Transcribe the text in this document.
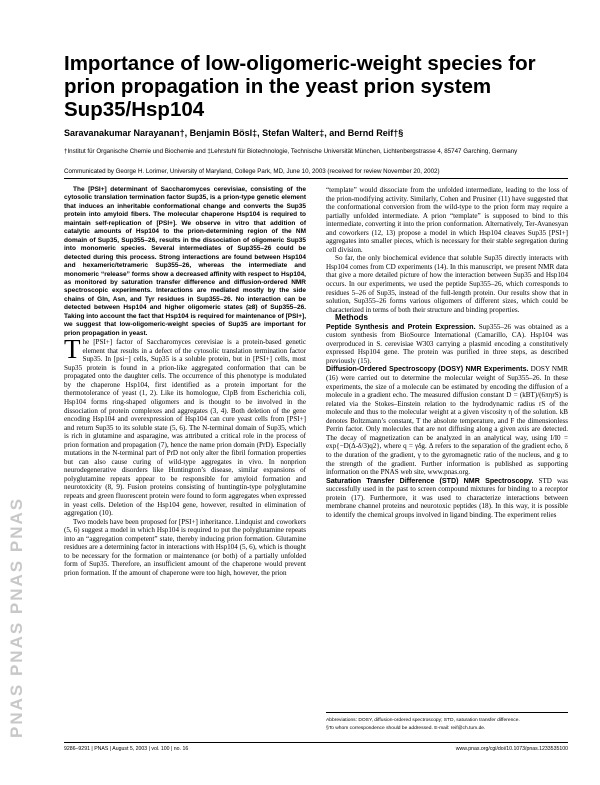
Importance of low-oligomeric-weight species for prion propagation in the yeast prion system Sup35/Hsp104

Saravanakumar Narayanan†, Benjamin Bösl‡, Stefan Walter‡, and Bernd Reif†§

†Institut für Organische Chemie und Biochemie and ‡Lehrstuhl für Biotechnologie, Technische Universität München, Lichtenbergstrasse 4, 85747 Garching, Germany

Communicated by George H. Lorimer, University of Maryland, College Park, MD, June 10, 2003 (received for review November 20, 2002)

PNAS PNAS PNAS PNAS

The [PSI+] determinant of Saccharomyces cerevisiae, consisting of the cytosolic translation termination factor Sup35, is a prion-type genetic element that induces an inheritable conformational change and converts the Sup35 protein into amyloid fibers. The molecular chaperone Hsp104 is required to maintain self-replication of [PSI+]. We observe in vitro that addition of catalytic amounts of Hsp104 to the prion-determining region of the NM domain of Sup35, Sup355–26, results in the dissociation of oligomeric Sup35 into monomeric species. Several intermediates of Sup355–26 could be detected during this process. Strong interactions are found between Hsp104 and hexameric/tetrameric Sup355–26, whereas the intermediate and monomeric “release” forms show a decreased affinity with respect to Hsp104, as monitored by saturation transfer difference and diffusion-ordered NMR spectroscopic experiments. Interactions are mediated mostly by the side chains of Gln, Asn, and Tyr residues in Sup355–26. No interaction can be detected between Hsp104 and higher oligomeric states (≥8) of Sup355–26. Taking into account the fact that Hsp104 is required for maintenance of [PSI+], we suggest that low-oligomeric-weight species of Sup35 are important for prion propagation in yeast.

The [PSI+] factor of Saccharomyces cerevisiae is a protein-based genetic element that results in a defect of the cytosolic translation termination factor Sup35. In [psi−] cells, Sup35 is a soluble protein, but in [PSI+] cells, most Sup35 protein is found in a prion-like aggregated conformation that can be propagated onto the daughter cells. The occurrence of this phenotype is modulated by the chaperone Hsp104, first identified as a protein important for the thermotolerance of yeast (1, 2). Like its homologue, ClpB from Escherichia coli, Hsp104 forms ring-shaped oligomers and is thought to be involved in the dissociation of protein complexes and aggregates (3, 4). Both deletion of the gene encoding Hsp104 and overexpression of Hsp104 can cure yeast cells from [PSI+] and return Sup35 to its soluble state (5, 6). The N-terminal domain of Sup35, which is rich in glutamine and asparagine, was attributed a critical role in the process of prion formation and propagation (7), hence the name prion domain (PrD). Especially mutations in the N-terminal part of PrD not only alter the fibril formation properties but can also cause curing of wild-type aggregates in vivo. In nonprion neurodegenerative disorders like Huntington’s disease, similar expansions of polyglutamine repeats appear to be responsible for amyloid formation and neurotoxicity (8, 9). Fusion proteins consisting of huntingtin-type polyglutamine repeats and green fluorescent protein were found to form aggregates when expressed in yeast cells. Deletion of the Hsp104 gene, however, resulted in elimination of aggregation (10).

Two models have been proposed for [PSI+] inheritance. Lindquist and coworkers (5, 6) suggest a model in which Hsp104 is required to put the polyglutamine repeats into an “aggregation competent” state, thereby inducing prion formation. Glutamine residues are a determining factor in interactions with Hsp104 (5, 6), which is thought to be necessary for the formation or maintenance (or both) of a partially unfolded form of Sup35. Therefore, an insufficient amount of the chaperone would prevent prion formation. If the amount of chaperone were too high, however, the prion

“template” would dissociate from the unfolded intermediate, leading to the loss of the prion-modifying activity. Similarly, Cohen and Prusiner (11) have suggested that the conformational conversion from the wild-type to the prion form may require a partially unfolded intermediate. A prion “template” is supposed to bind to this intermediate, converting it into the prion conformation. Alternatively, Ter-Avanesyan and coworkers (12, 13) propose a model in which Hsp104 cleaves Sup35 [PSI+] aggregates into smaller pieces, which is necessary for their stable segregation during cell division.

So far, the only biochemical evidence that soluble Sup35 directly interacts with Hsp104 comes from CD experiments (14). In this manuscript, we present NMR data that give a more detailed picture of how the interaction between Sup35 and Hsp104 occurs. In our experiments, we used the peptide Sup355–26, which corresponds to residues 5–26 of Sup35, instead of the full-length protein. Our results show that in solution, Sup355–26 forms various oligomers of different sizes, which could be characterized in terms of both their structure and binding properties.

Methods

Peptide Synthesis and Protein Expression. Sup355–26 was obtained as a custom synthesis from BioSource International (Camarillo, CA). Hsp104 was overproduced in S. cerevisiae W303 carrying a plasmid encoding a constitutively expressed Hsp104 gene. The protein was purified in three steps, as described previously (15).

Diffusion-Ordered Spectroscopy (DOSY) NMR Experiments. DOSY NMR (16) were carried out to determine the molecular weight of Sup355–26. In these experiments, the size of a molecule can be estimated by encoding the diffusion of a molecule in a gradient echo. The measured diffusion constant D = (kBT)/(6πηrS) is related via the Stokes–Einstein relation to the hydrodynamic radius rS of the molecule and thus to the molecular weight at a given viscosity η of the solution. kB denotes Boltzmann’s constant, T the absolute temperature, and F the dimensionless Perrin factor. Only molecules that are not diffusing along a given axis are detected. The decay of magnetization can be analyzed in an analytical way, using I/I0 = exp{−D(Δ-δ/3)q2}, where q = γδg. Δ refers to the separation of the gradient echo, δ to the duration of the gradient, γ to the gyromagnetic ratio of the nucleus, and g to the strength of the gradient. Further information is published as supporting information on the PNAS web site, www.pnas.org.

Saturation Transfer Difference (STD) NMR Spectroscopy. STD was successfully used in the past to screen compound mixtures for binding to a receptor protein (17). Furthermore, it was used to characterize interactions between membrane channel proteins and neurotoxic peptides (18). In this way, it is possible to identify the chemical groups involved in ligand binding. The experiment relies

Abbreviations: DOSY, diffusion-ordered spectroscopy; STD, saturation transfer difference.
§To whom correspondence should be addressed. E-mail: reif@ch.tum.de.
9286–9291 | PNAS | August 5, 2003 | vol. 100 | no. 16	www.pnas.org/cgi/doi/10.1073/pnas.1233535100
